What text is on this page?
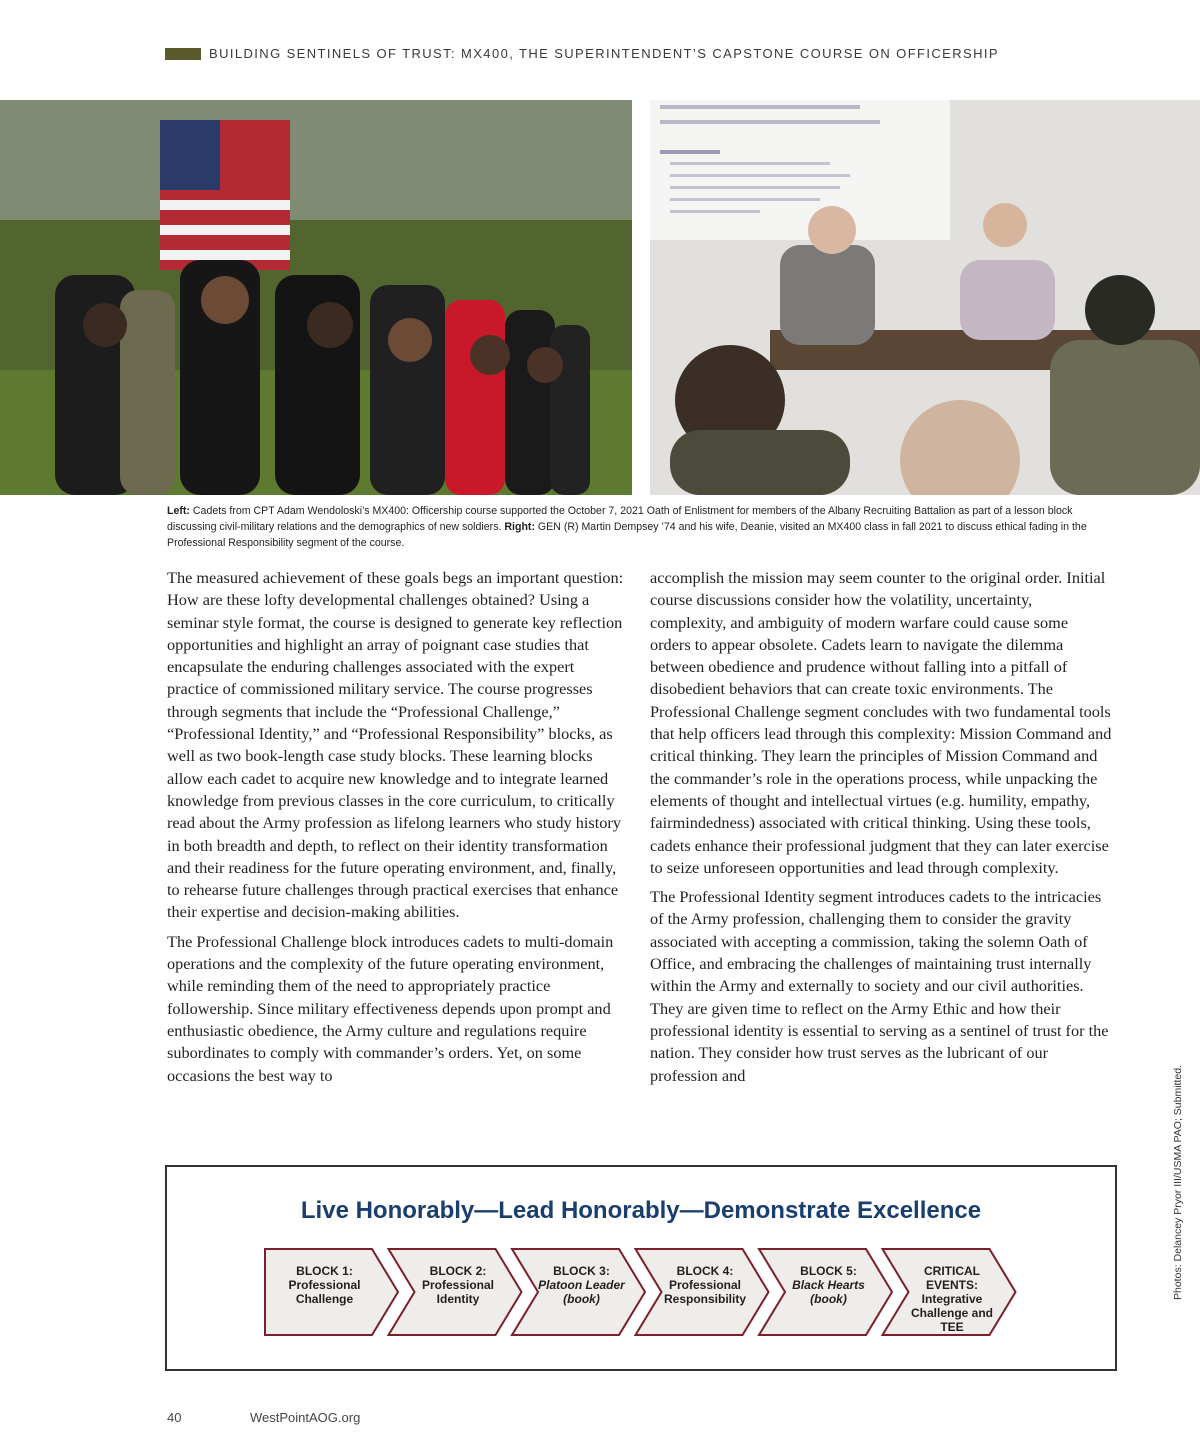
BUILDING SENTINELS OF TRUST: MX400, THE SUPERINTENDENT’S CAPSTONE COURSE ON OFFICERSHIP
Left: Cadets from CPT Adam Wendoloski’s MX400: Officership course supported the October 7, 2021 Oath of Enlistment for members of the Albany Recruiting Battalion as part of a lesson block discussing civil-military relations and the demographics of new soldiers. Right: GEN (R) Martin Dempsey ’74 and his wife, Deanie, visited an MX400 class in fall 2021 to discuss ethical fading in the Professional Responsibility segment of the course.

The measured achievement of these goals begs an important question: How are these lofty developmental challenges obtained? Using a seminar style format, the course is designed to generate key reflection opportunities and highlight an array of poignant case studies that encapsulate the enduring challenges associated with the expert practice of commissioned military service. The course progresses through segments that include the “Professional Challenge,” “Professional Identity,” and “Professional Responsibility” blocks, as well as two book-length case study blocks. These learning blocks allow each cadet to acquire new knowledge and to integrate learned knowledge from previous classes in the core curriculum, to critically read about the Army profession as lifelong learners who study history in both breadth and depth, to reflect on their identity transformation and their readiness for the future operating environment, and, finally, to rehearse future challenges through practical exercises that enhance their expertise and decision-making abilities.

The Professional Challenge block introduces cadets to multi-domain operations and the complexity of the future operating environment, while reminding them of the need to appropriately practice followership. Since military effectiveness depends upon prompt and enthusiastic obedience, the Army culture and regulations require subordinates to comply with commander’s orders. Yet, on some occasions the best way to

accomplish the mission may seem counter to the original order. Initial course discussions consider how the volatility, uncertainty, complexity, and ambiguity of modern warfare could cause some orders to appear obsolete. Cadets learn to navigate the dilemma between obedience and prudence without falling into a pitfall of disobedient behaviors that can create toxic environments. The Professional Challenge segment concludes with two fundamental tools that help officers lead through this complexity: Mission Command and critical thinking. They learn the principles of Mission Command and the commander’s role in the operations process, while unpacking the elements of thought and intellectual virtues (e.g. humility, empathy, fairmindedness) associated with critical thinking. Using these tools, cadets enhance their professional judgment that they can later exercise to seize unforeseen opportunities and lead through complexity.

The Professional Identity segment introduces cadets to the intricacies of the Army profession, challenging them to consider the gravity associated with accepting a commission, taking the solemn Oath of Office, and embracing the challenges of maintaining trust internally within the Army and externally to society and our civil authorities. They are given time to reflect on the Army Ethic and how their professional identity is essential to serving as a sentinel of trust for the nation. They consider how trust serves as the lubricant of our profession and	Photos: Delancey Pryor III/USMA PAO; Submitted.
Live Honorably—Lead Honorably—Demonstrate Excellence
BLOCK 1:
Professional Challenge
BLOCK 2:
Professional Identity
BLOCK 3:
Platoon Leader (book)
BLOCK 4:
Professional Responsibility
BLOCK 5:
Black Hearts (book)
CRITICAL EVENTS:
Integrative Challenge and TEE
40	WestPointAOG.org
